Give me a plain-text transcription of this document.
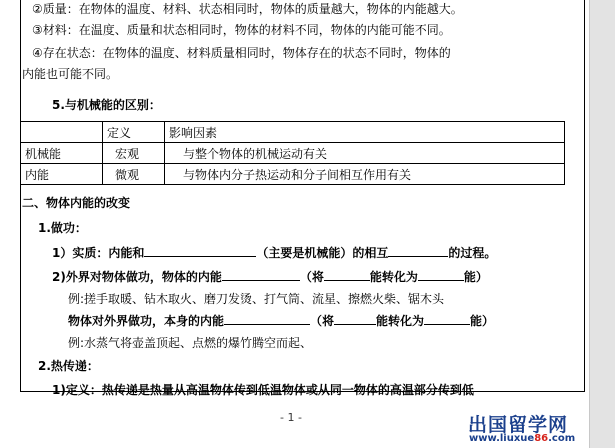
②质量：在物体的温度、材料、状态相同时，物体的质量越大，物体的内能越大。
③材料：在温度、质量和状态相同时，物体的材料不同，物体的内能可能不同。
④存在状态：在物体的温度、材料质量相同时，物体存在的状态不同时，物体的
内能也可能不同。
5.与机械能的区别：
	定义	影响因素
机械能	宏观	与整个物体的机械运动有关
内能	微观	与物体内分子热运动和分子间相互作用有关
二、物体内能的改变
1.做功：
1）实质：内能和	（主要是机械能）的相互	的过程。
2)外界对物体做功，物体的内能	（将	能转化为	能）
例:搓手取暖、钻木取火、磨刀发烫、打气筒、流星、擦燃火柴、锯木头
物体对外界做功，本身的内能	（将	能转化为	能）
例:水蒸气将壶盖顶起、点燃的爆竹腾空而起、
2.热传递：
1)定义：热传递是热量从高温物体传到低温物体或从同一物体的高温部分传到低
- 1 -	出国留学网
www.liuxue86.com
